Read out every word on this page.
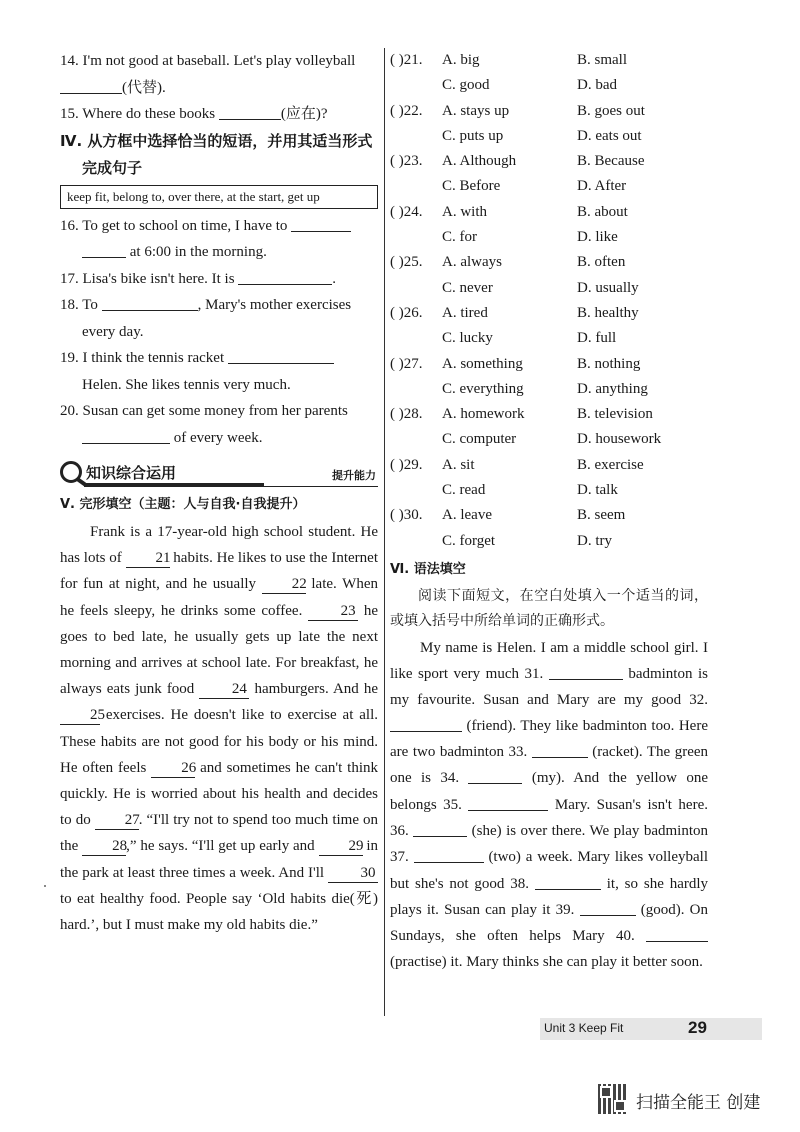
14. I'm not good at baseball. Let's play volleyball
(代替).
15. Where do these books	(应在)?
Ⅳ. 从方框中选择恰当的短语，并用其适当形式
完成句子
keep fit, belong to, over there, at the start, get up
16. To get to school on time, I have to
at 6:00 in the morning.
17. Lisa's bike isn't here. It is	.
18. To	, Mary's mother exercises
every day.
19. I think the tennis racket
Helen. She likes tennis very much.
20. Susan can get some money from her parents
of every week.
知识综合运用	提升能力
Ⅴ. 完形填空（主题：人与自我·自我提升）

Frank is a 17-year-old high school student. He has lots of 21 habits. He likes to use the Internet for fun at night, and he usually 22 late. When he feels sleepy, he drinks some coffee.	23 he goes to bed late, he usually gets up late the next morning and arrives at school late. For breakfast, he always eats junk food	24 hamburgers. And he 25 exercises. He doesn't like to exercise at all. These habits are not good for his body or his mind. He often feels 26 and sometimes he can't think quickly. He is worried about his health and decides to do 27. “I'll try not to spend too much time on the 28,” he says. “I'll get up early and 29 in the park at least three times a week. And I'll 30 to eat healthy food. People say ‘Old habits die(死) hard.’, but I must make my old habits die.”

( )21.	A. big	B. small
C. good	D. bad
( )22.	A. stays up	B. goes out
C. puts up	D. eats out
( )23.	A. Although	B. Because
C. Before	D. After
( )24.	A. with	B. about
C. for	D. like
( )25.	A. always	B. often
C. never	D. usually
( )26.	A. tired	B. healthy
C. lucky	D. full
( )27.	A. something	B. nothing
C. everything	D. anything
( )28.	A. homework	B. television
C. computer	D. housework
( )29.	A. sit	B. exercise
C. read	D. talk
( )30.	A. leave	B. seem
C. forget	D. try
Ⅵ. 语法填空
阅读下面短文，在空白处填入一个适当的词，或填入括号中所给单词的正确形式。

My name is Helen. I am a middle school girl. I like sport very much 31.	badminton is my favourite. Susan and Mary are my good 32.  (friend). They like badminton too. Here are two badminton 33.	(racket). The green one is 34.	(my). And the yellow one belongs 35.	Mary. Susan's isn't here. 36.	(she) is over there. We play badminton 37.	(two) a week. Mary likes volleyball but she's not good 38.	it, so she hardly plays it. Susan can play it 39.	(good). On Sundays, she often helps Mary 40.  (practise) it. Mary thinks she can play it better soon.

Unit 3 Keep Fit	29
扫描全能王 创建
